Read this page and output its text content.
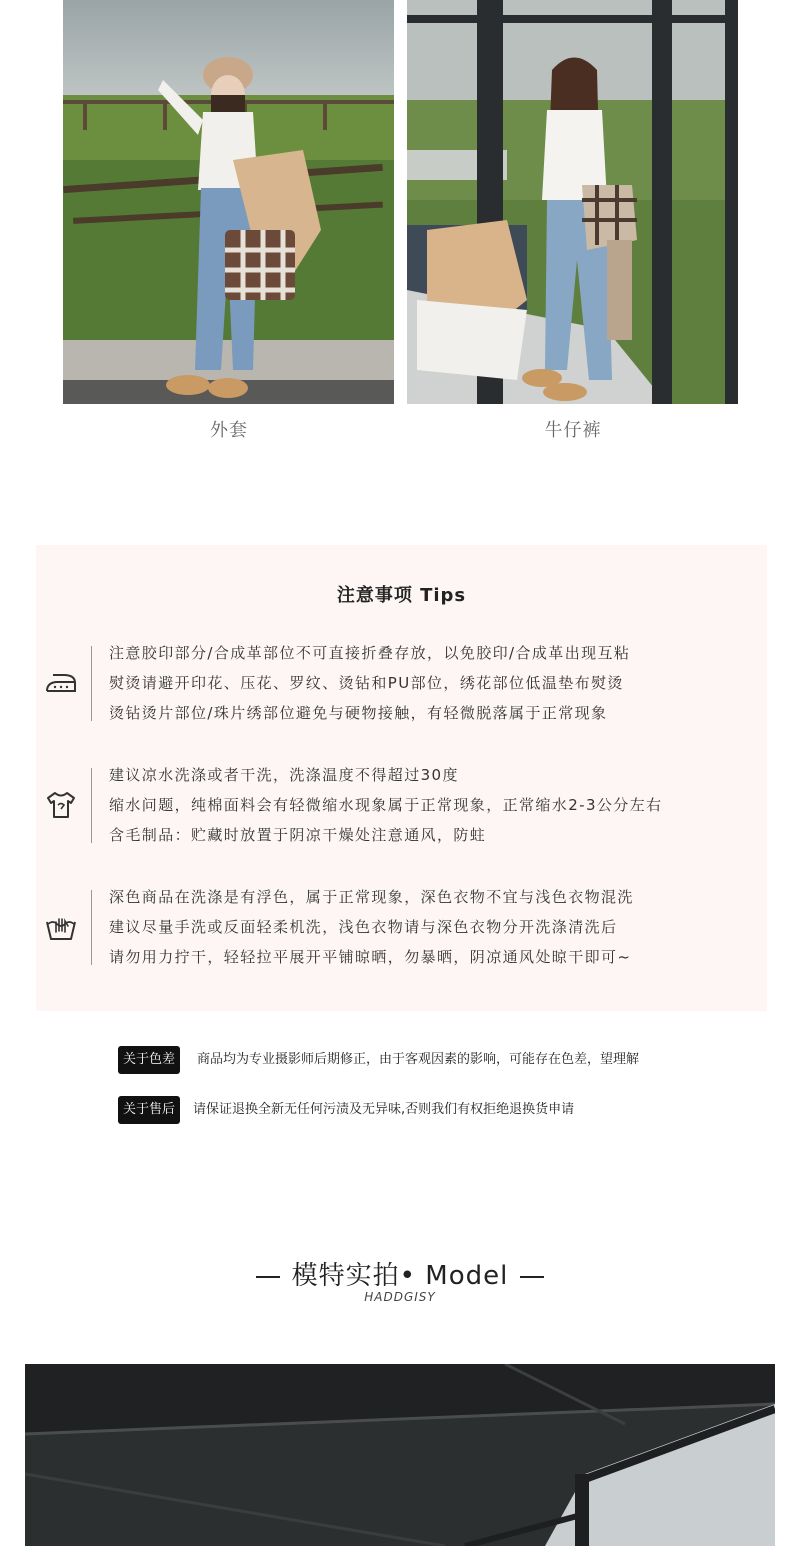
外套	牛仔裤
注意事项 Tips
注意胶印部分/合成革部位不可直接折叠存放，以免胶印/合成革出现互粘
熨烫请避开印花、压花、罗纹、烫钻和PU部位，绣花部位低温垫布熨烫
烫钻烫片部位/珠片绣部位避免与硬物接触，有轻微脱落属于正常现象
建议凉水洗涤或者干洗，洗涤温度不得超过30度
缩水问题，纯棉面料会有轻微缩水现象属于正常现象，正常缩水2-3公分左右
含毛制品：贮藏时放置于阴凉干燥处注意通风，防蛀
深色商品在洗涤是有浮色，属于正常现象，深色衣物不宜与浅色衣物混洗
建议尽量手洗或反面轻柔机洗，浅色衣物请与深色衣物分开洗涤清洗后
请勿用力拧干，轻轻拉平展开平铺晾晒，勿暴晒，阴凉通风处晾干即可~
关于色差	商品均为专业摄影师后期修正，由于客观因素的影响，可能存在色差，望理解
关于售后	请保证退换全新无任何污渍及无异味,否则我们有权拒绝退换货申请
模特实拍• Model
HADDGISY
